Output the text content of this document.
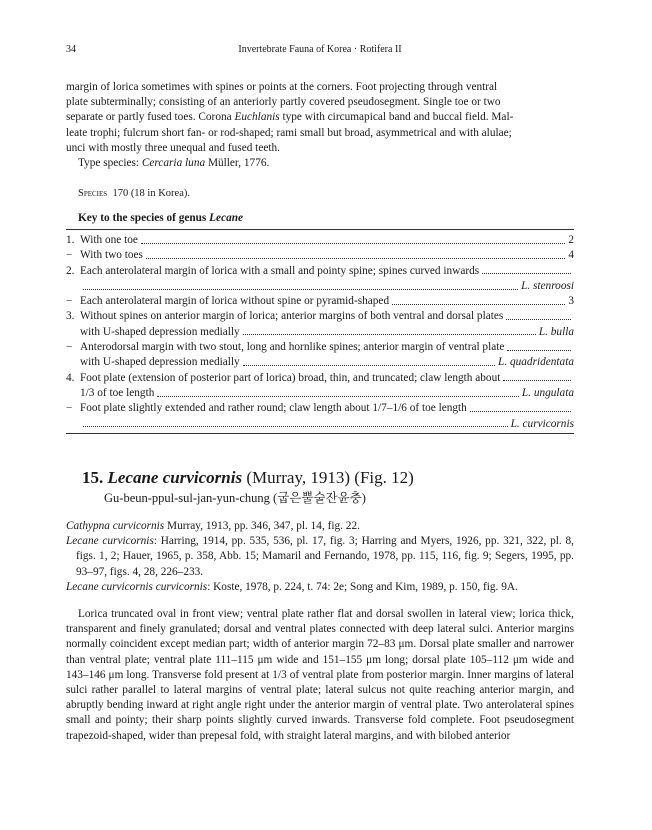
34	Invertebrate Fauna of Korea · Rotifera II

margin of lorica sometimes with spines or points at the corners. Foot projecting through ventral

plate subterminally; consisting of an anteriorly partly covered pseudosegment. Single toe or two

separate or partly fused toes. Corona Euchlanis type with circumapical band and buccal field. Mal-

leate trophi; fulcrum short fan- or rod-shaped; rami small but broad, asymmetrical and with alulae;

unci with mostly three unequal and fused teeth.

Type species: Cercaria luna Müller, 1776.

Species 170 (18 in Korea).
Key to the species of genus Lecane
1. With one toe	2
− With two toes	4
2. Each anterolateral margin of lorica with a small and pointy spine; spines curved inwards
L. stenroosi
− Each anterolateral margin of lorica without spine or pyramid-shaped	3
3. Without spines on anterior margin of lorica; anterior margins of both ventral and dorsal plates
with U-shaped depression medially	L. bulla
− Anterodorsal margin with two stout, long and hornlike spines; anterior margin of ventral plate
with U-shaped depression medially	L. quadridentata
4. Foot plate (extension of posterior part of lorica) broad, thin, and truncated; claw length about
1/3 of toe length	L. ungulata
− Foot plate slightly extended and rather round; claw length about 1/7–1/6 of toe length
L. curvicornis
15. Lecane curvicornis (Murray, 1913) (Fig. 12)
Gu-beun-ppul-sul-jan-yun-chung (굽은뿔술잔윤충)

Cathypna curvicornis Murray, 1913, pp. 346, 347, pl. 14, fig. 22.

Lecane curvicornis: Harring, 1914, pp. 535, 536, pl. 17, fig. 3; Harring and Myers, 1926, pp. 321, 322, pl. 8, figs. 1, 2; Hauer, 1965, p. 358, Abb. 15; Mamaril and Fernando, 1978, pp. 115, 116, fig. 9; Segers, 1995, pp. 93–97, figs. 4, 28, 226–233.

Lecane curvicornis curvicornis: Koste, 1978, p. 224, t. 74: 2e; Song and Kim, 1989, p. 150, fig. 9A.

Lorica truncated oval in front view; ventral plate rather flat and dorsal swollen in lateral view; lorica thick, transparent and finely granulated; dorsal and ventral plates connected with deep lateral sulci. Anterior margins normally coincident except median part; width of anterior margin 72–83 μm. Dorsal plate smaller and narrower than ventral plate; ventral plate 111–115 μm wide and 151–155 μm long; dorsal plate 105–112 μm wide and 143–146 μm long. Transverse fold present at 1/3 of ventral plate from posterior margin. Inner margins of lateral sulci rather parallel to lateral margins of ventral plate; lateral sulcus not quite reaching anterior margin, and abruptly bending inward at right angle right under the anterior margin of ventral plate. Two anterolateral spines small and pointy; their sharp points slightly curved inwards. Transverse fold complete. Foot pseudosegment trapezoid-shaped, wider than prepesal fold, with straight lateral margins, and with bilobed anterior
